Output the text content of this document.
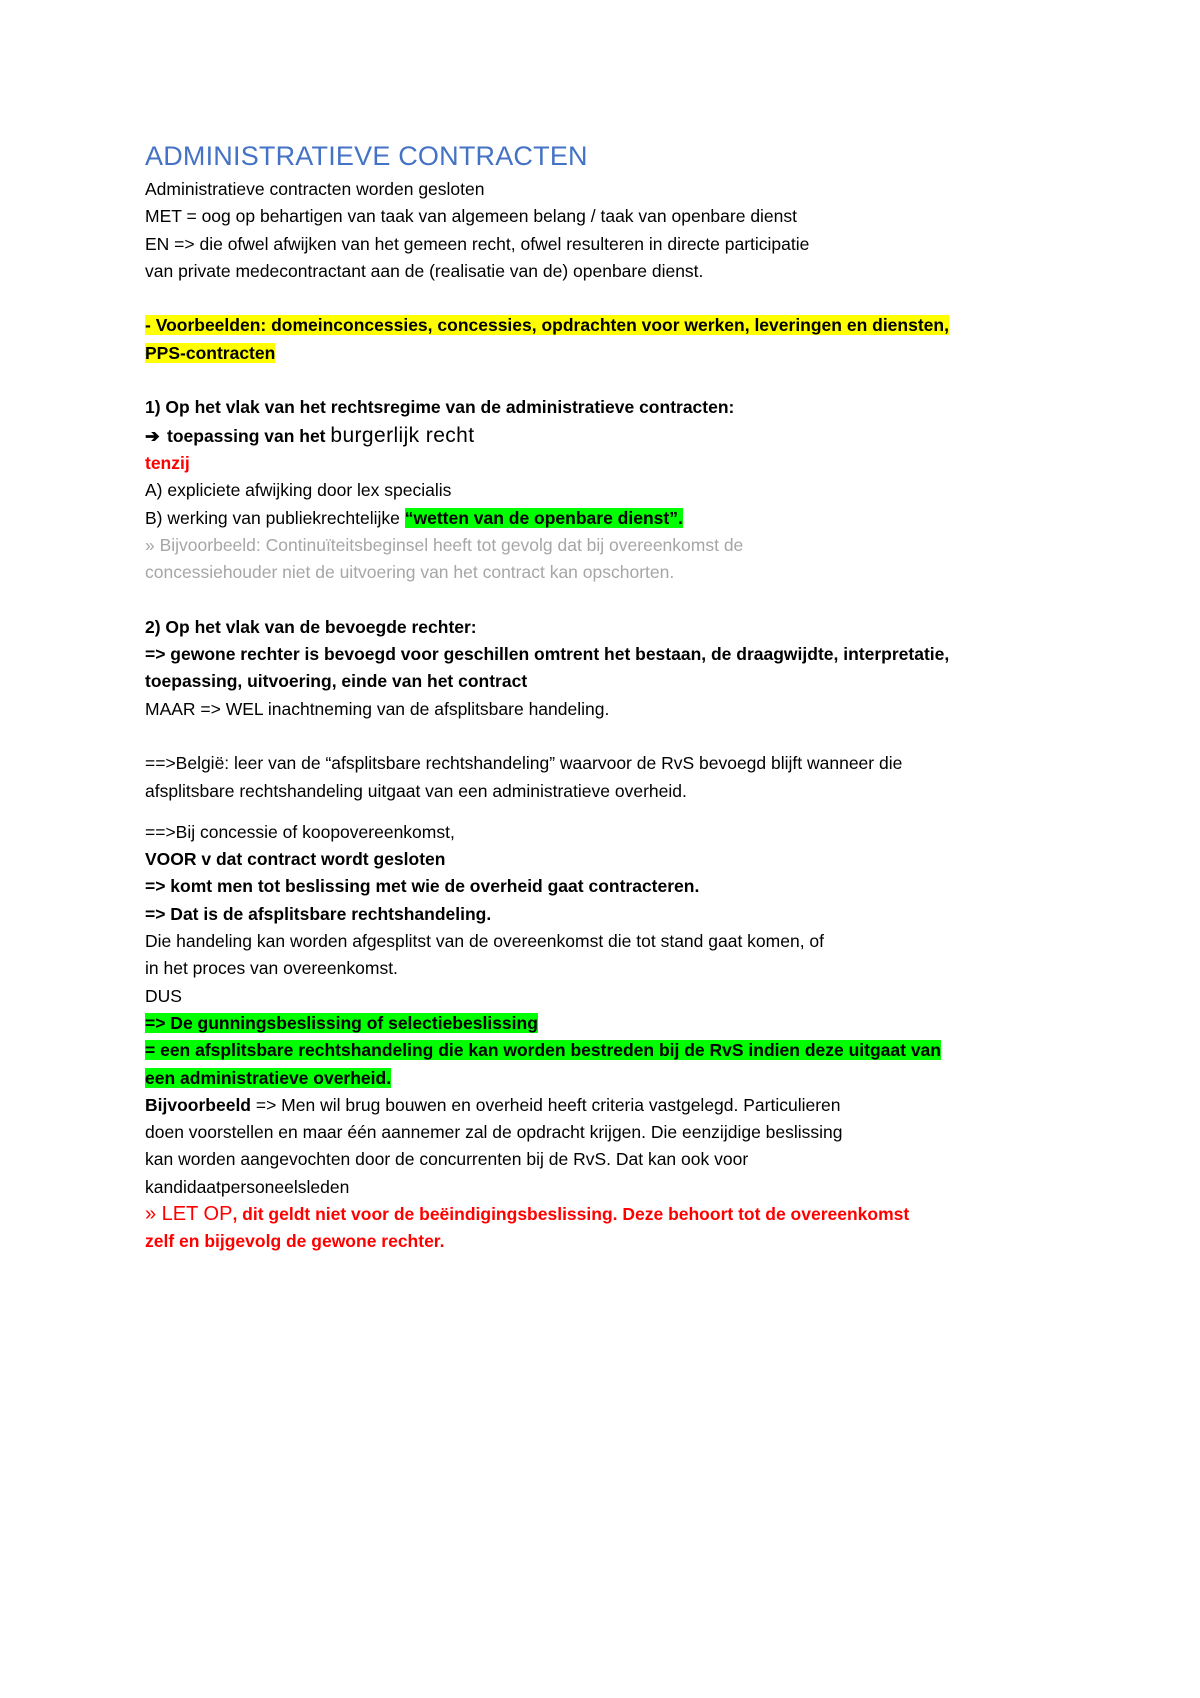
ADMINISTRATIEVE CONTRACTEN
Administratieve contracten worden gesloten
MET = oog op behartigen van taak van algemeen belang / taak van openbare dienst
EN => die ofwel afwijken van het gemeen recht, ofwel resulteren in directe participatie
van private medecontractant aan de (realisatie van de) openbare dienst.
- Voorbeelden: domeinconcessies, concessies, opdrachten voor werken, leveringen en diensten,
PPS-contracten
1) Op het vlak van het rechtsregime van de administratieve contracten:
➔ toepassing van het burgerlijk recht
tenzij
A) expliciete afwijking door lex specialis
B) werking van publiekrechtelijke “wetten van de openbare dienst”.
» Bijvoorbeeld: Continuïteitsbeginsel heeft tot gevolg dat bij overeenkomst de
concessiehouder niet de uitvoering van het contract kan opschorten.
2) Op het vlak van de bevoegde rechter:
=> gewone rechter is bevoegd voor geschillen omtrent het bestaan, de draagwijdte, interpretatie,
toepassing, uitvoering, einde van het contract
MAAR => WEL inachtneming van de afsplitsbare handeling.
==>België: leer van de “afsplitsbare rechtshandeling” waarvoor de RvS bevoegd blijft wanneer die
afsplitsbare rechtshandeling uitgaat van een administratieve overheid.
==>Bij concessie of koopovereenkomst,
VOOR v dat contract wordt gesloten
=> komt men tot beslissing met wie de overheid gaat contracteren.
=> Dat is de afsplitsbare rechtshandeling.
Die handeling kan worden afgesplitst van de overeenkomst die tot stand gaat komen, of
in het proces van overeenkomst.
DUS
=> De gunningsbeslissing of selectiebeslissing
= een afsplitsbare rechtshandeling die kan worden bestreden bij de RvS indien deze uitgaat van
een administratieve overheid.
Bijvoorbeeld => Men wil brug bouwen en overheid heeft criteria vastgelegd. Particulieren
doen voorstellen en maar één aannemer zal de opdracht krijgen. Die eenzijdige beslissing
kan worden aangevochten door de concurrenten bij de RvS. Dat kan ook voor
kandidaatpersoneelsleden
» LET OP, dit geldt niet voor de beëindigingsbeslissing. Deze behoort tot de overeenkomst
zelf en bijgevolg de gewone rechter.
